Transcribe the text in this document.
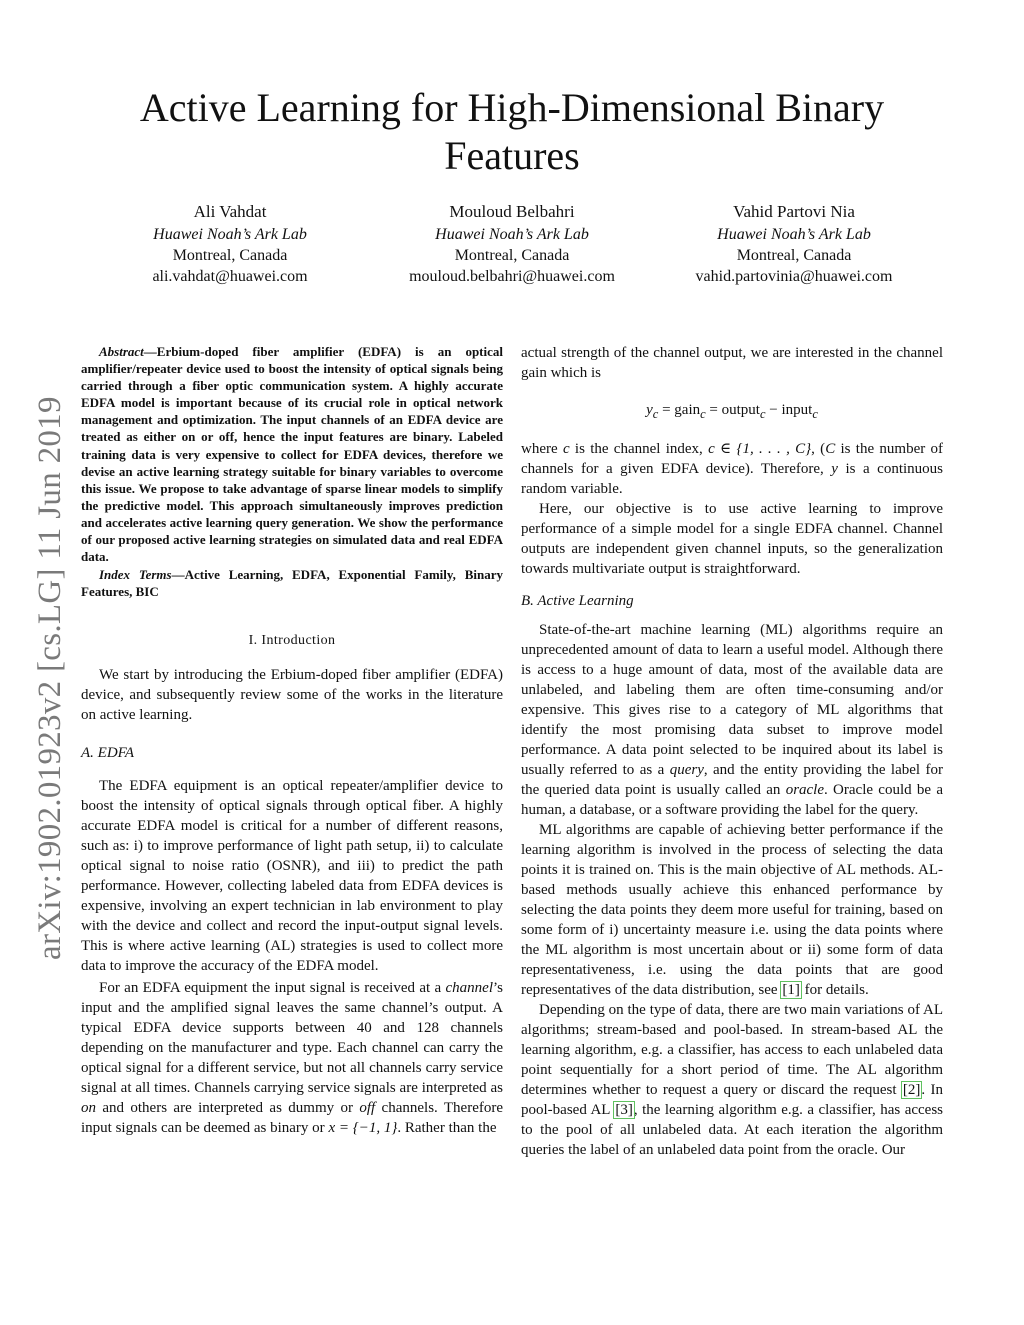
arXiv:1902.01923v2 [cs.LG] 11 Jun 2019
Active Learning for High-Dimensional Binary Features
Ali Vahdat
Huawei Noah’s Ark Lab
Montreal, Canada
ali.vahdat@huawei.com
Mouloud Belbahri
Huawei Noah’s Ark Lab
Montreal, Canada
mouloud.belbahri@huawei.com
Vahid Partovi Nia
Huawei Noah’s Ark Lab
Montreal, Canada
vahid.partovinia@huawei.com

Abstract—Erbium-doped fiber amplifier (EDFA) is an optical amplifier/repeater device used to boost the intensity of optical signals being carried through a fiber optic communication system. A highly accurate EDFA model is important because of its crucial role in optical network management and optimization. The input channels of an EDFA device are treated as either on or off, hence the input features are binary. Labeled training data is very expensive to collect for EDFA devices, therefore we devise an active learning strategy suitable for binary variables to overcome this issue. We propose to take advantage of sparse linear models to simplify the predictive model. This approach simultaneously improves prediction and accelerates active learning query generation. We show the performance of our proposed active learning strategies on simulated data and real EDFA data.

Index Terms—Active Learning, EDFA, Exponential Family, Binary Features, BIC

I. Introduction

We start by introducing the Erbium-doped fiber amplifier (EDFA) device, and subsequently review some of the works in the literature on active learning.

A. EDFA

The EDFA equipment is an optical repeater/amplifier device to boost the intensity of optical signals through optical fiber. A highly accurate EDFA model is critical for a number of different reasons, such as: i) to improve performance of light path setup, ii) to calculate optical signal to noise ratio (OSNR), and iii) to predict the path performance. However, collecting labeled data from EDFA devices is expensive, involving an expert technician in lab environment to play with the device and collect and record the input-output signal levels. This is where active learning (AL) strategies is used to collect more data to improve the accuracy of the EDFA model.

For an EDFA equipment the input signal is received at a channel’s input and the amplified signal leaves the same channel’s output. A typical EDFA device supports between 40 and 128 channels depending on the manufacturer and type. Each channel can carry the optical signal for a different service, but not all channels carry service signal at all times. Channels carrying service signals are interpreted as on and others are interpreted as dummy or off channels. Therefore input signals can be deemed as binary or x = {−1, 1}. Rather than the

actual strength of the channel output, we are interested in the channel gain which is

$y_c$ = gain$_c$ = output$_c$ − input$_c$

where c is the channel index, c ∈ {1, . . . , C}, (C is the number of channels for a given EDFA device). Therefore, y is a continuous random variable.

Here, our objective is to use active learning to improve performance of a simple model for a single EDFA channel. Channel outputs are independent given channel inputs, so the generalization towards multivariate output is straightforward.

B. Active Learning

State-of-the-art machine learning (ML) algorithms require an unprecedented amount of data to learn a useful model. Although there is access to a huge amount of data, most of the available data are unlabeled, and labeling them are often time-consuming and/or expensive. This gives rise to a category of ML algorithms that identify the most promising data subset to improve model performance. A data point selected to be inquired about its label is usually referred to as a query, and the entity providing the label for the queried data point is usually called an oracle. Oracle could be a human, a database, or a software providing the label for the query.

ML algorithms are capable of achieving better performance if the learning algorithm is involved in the process of selecting the data points it is trained on. This is the main objective of AL methods. AL-based methods usually achieve this enhanced performance by selecting the data points they deem more useful for training, based on some form of i) uncertainty measure i.e. using the data points where the ML algorithm is most uncertain about or ii) some form of data representativeness, i.e. using the data points that are good representatives of the data distribution, see [1] for details.

Depending on the type of data, there are two main variations of AL algorithms; stream-based and pool-based. In stream-based AL the learning algorithm, e.g. a classifier, has access to each unlabeled data point sequentially for a short period of time. The AL algorithm determines whether to request a query or discard the request [2]. In pool-based AL [3], the learning algorithm e.g. a classifier, has access to the pool of all unlabeled data. At each iteration the algorithm queries the label of an unlabeled data point from the oracle. Our
